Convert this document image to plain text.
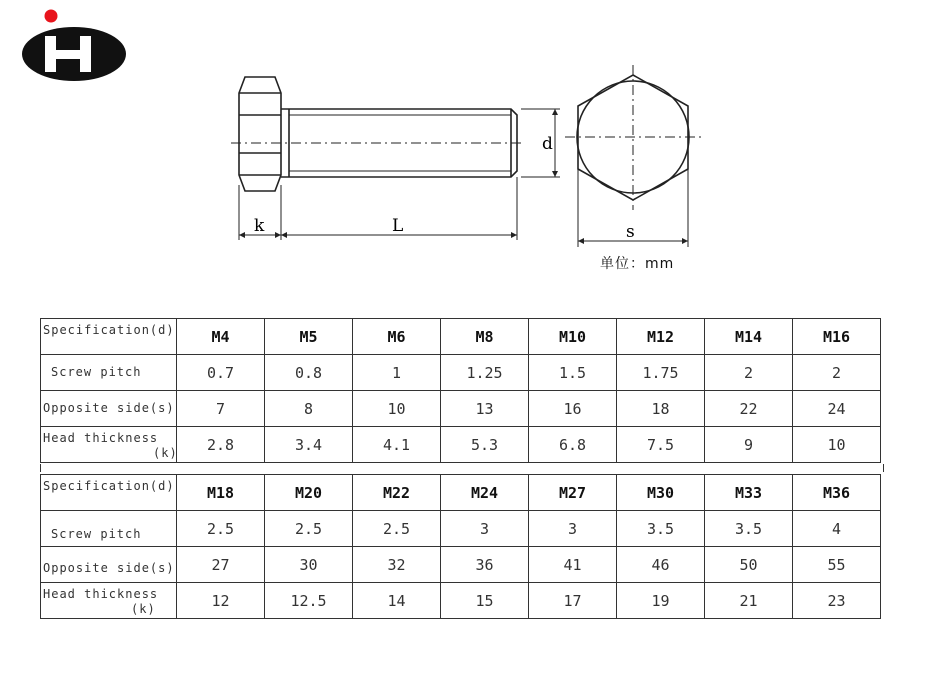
k	L
d
s
单位：mm
Specification(d)	M4	M5	M6	M8	M10	M12	M14	M16
Screw pitch	0.7	0.8	1	1.25	1.5	1.75	2	2
Opposite side(s)	7	8	10	13	16	18	22	24

Head thickness
(k)	2.8	3.4	4.1	5.3	6.8	7.5	9	10
Specification(d)	M18	M20	M22	M24	M27	M30	M33	M36
Screw pitch	2.5	2.5	2.5	3	3	3.5	3.5	4
Opposite side(s)	27	30	32	36	41	46	50	55

Head thickness
(k)	12	12.5	14	15	17	19	21	23
